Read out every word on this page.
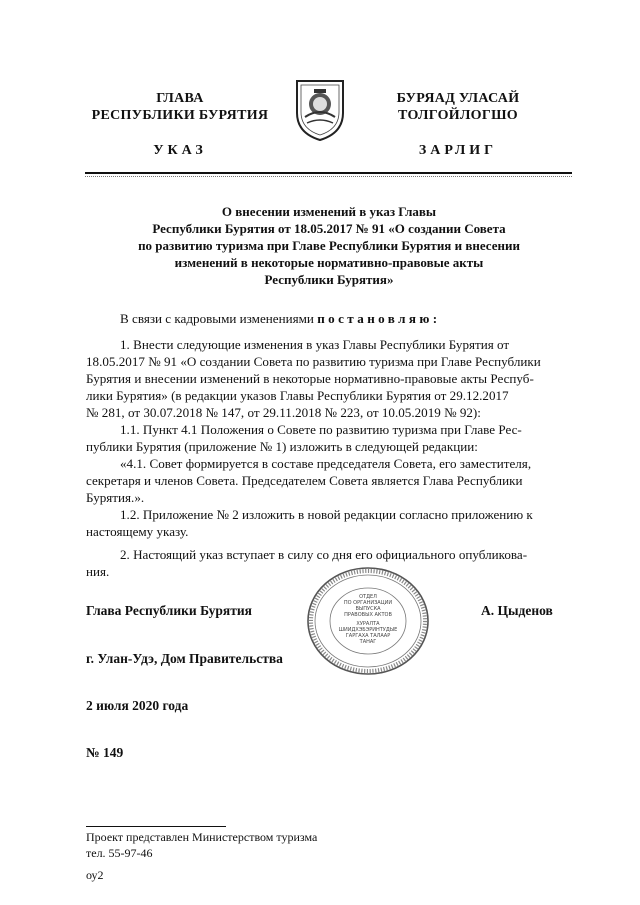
ГЛАВА
РЕСПУБЛИКИ БУРЯТИЯ
УКАЗ
БУРЯАД УЛАСАЙ
ТОЛГОЙЛОГШО
ЗАРЛИГ
О внесении изменений в указ Главы
Республики Бурятия от 18.05.2017 № 91 «О создании Совета
по развитию туризма при Главе Республики Бурятия и внесении
изменений в некоторые нормативно-правовые акты
Республики Бурятия»
В связи с кадровыми изменениями постановляю:
1. Внести следующие изменения в указ Главы Республики Бурятия от
18.05.2017 № 91 «О создании Совета по развитию туризма при Главе Республики
Бурятия и внесении изменений в некоторые нормативно-правовые акты Респуб-
лики Бурятия» (в редакции указов Главы Республики Бурятия от 29.12.2017
№ 281, от 30.07.2018 № 147, от 29.11.2018 № 223, от 10.05.2019 № 92):
1.1. Пункт 4.1 Положения о Совете по развитию туризма при Главе Рес-
публики Бурятия (приложение № 1) изложить в следующей редакции:
«4.1. Совет формируется в составе председателя Совета, его заместителя,
секретаря и членов Совета. Председателем Совета является Глава Республики
Бурятия.».
1.2. Приложение № 2 изложить в новой редакции согласно приложению к
настоящему указу.
2. Настоящий указ вступает в силу со дня его официального опубликова-
ния.
ОТДЕЛ
ПО ОРГАНИЗАЦИИ
ВЫПУСКА
ПРАВОВЫХ АКТОВ
ХУРАЛТА
ШИИДХЭБЭРИНТУДЫЕ
ГАРГАХА ТАЛААР
ТАНАГ
Глава Республики Бурятия	А. Цыденов
г. Улан-Удэ, Дом Правительства
2 июля 2020 года
№ 149
Проект представлен Министерством туризма
тел. 55-97-46
оу2
